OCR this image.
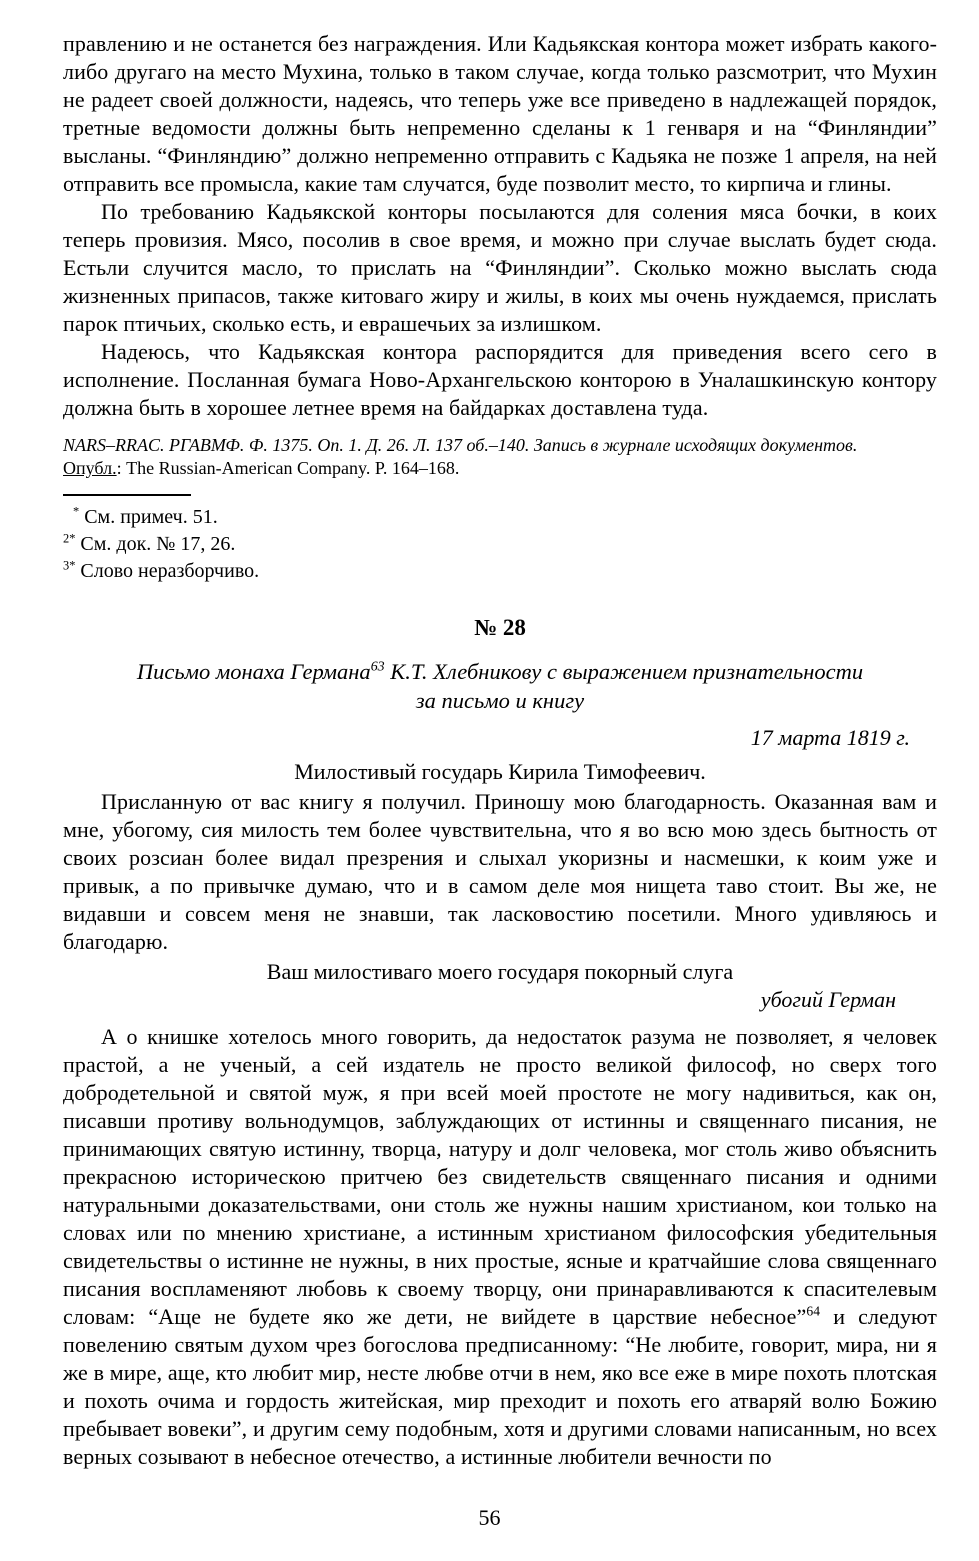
правлению и не останется без награждения. Или Кадьякская контора может избрать какого-либо другаго на место Мухина, только в таком случае, когда только разсмотрит, что Мухин не радеет своей должности, надеясь, что теперь уже все приведено в надлежащей порядок, третные ведомости должны быть непременно сделаны к 1 генваря и на “Финляндии” высланы. “Финляндию” должно непременно отправить с Кадьяка не позже 1 апреля, на ней отправить все промысла, какие там случатся, буде позволит место, то кирпича и глины.

По требованию Кадьякской конторы посылаются для соления мяса бочки, в коих теперь провизия. Мясо, посолив в свое время, и можно при случае выслать будет сюда. Естьли случится масло, то прислать на “Финляндии”. Сколько можно выслать сюда жизненных припасов, также китоваго жиру и жилы, в коих мы очень нуждаемся, прислать парок птичьих, сколько есть, и еврашечьих за излишком.

Надеюсь, что Кадьякская контора распорядится для приведения всего сего в исполнение. Посланная бумага Ново-Архангельскою конторою в Уналашкинскую контору должна быть в хорошее летнее время на байдарках доставлена туда.

NARS–RRAC. РГАВМФ. Ф. 1375. Оп. 1. Д. 26. Л. 137 об.–140. Запись в журнале исходящих документов.
Опубл.: The Russian-American Company. P. 164–168.
* См. примеч. 51.
$^{2*}$ См. док. № 17, 26.
$^{3*}$ Слово неразборчиво.
№ 28
Письмо монаха Германа$^{63}$ К.Т. Хлебникову с выражением признательности
за письмо и книгу
17 марта 1819 г.
Милостивый государь Кирила Тимофеевич.

Присланную от вас книгу я получил. Приношу мою благодарность. Оказанная вам и мне, убогому, сия милость тем более чувствительна, что я во всю мою здесь бытность от своих розсиан более видал презрения и слыхал укоризны и насмешки, к коим уже и привык, а по привычке думаю, что и в самом деле моя нищета таво стоит. Вы же, не видавши и совсем меня не знавши, так ласковостию посетили. Много удивляюсь и благодарю.

Ваш милостиваго моего государя покорный слуга
убогий Герман

А о книшке хотелось много говорить, да недостаток разума не позволяет, я человек прастой, а не ученый, а сей издатель не просто великой философ, но сверх того добродетельной и святой муж, я при всей моей простоте не могу надивиться, как он, писавши противу вольнодумцов, заблуждающих от истинны и священнаго писания, не принимающих святую истинну, творца, натуру и долг человека, мог столь живо объяснить прекрасною историческою притчею без свидетельств священнаго писания и одними натуральными доказательствами, они столь же нужны нашим христианом, кои только на словах или по мнению христиане, а истинным христианом философския убедительныя свидетельствы о истинне не нужны, в них простые, ясные и кратчайшие слова священнаго писания воспламеняют любовь к своему творцу, они принаравливаются к спасителевым словам: “Аще не будете яко же дети, не вийдете в царствие небесное”$^{64}$ и следуют повелению святым духом чрез богослова предписанному: “Не любите, говорит, мира, ни я же в мире, аще, кто любит мир, несте любве отчи в нем, яко все еже в мире похоть плотская и похоть очима и гордость житейская, мир преходит и похоть его атваряй волю Божию пребывает вовеки”, и другим сему подобным, хотя и другими словами написанным, но всех верных созывают в небесное отечество, а истинные любители вечности по

56
